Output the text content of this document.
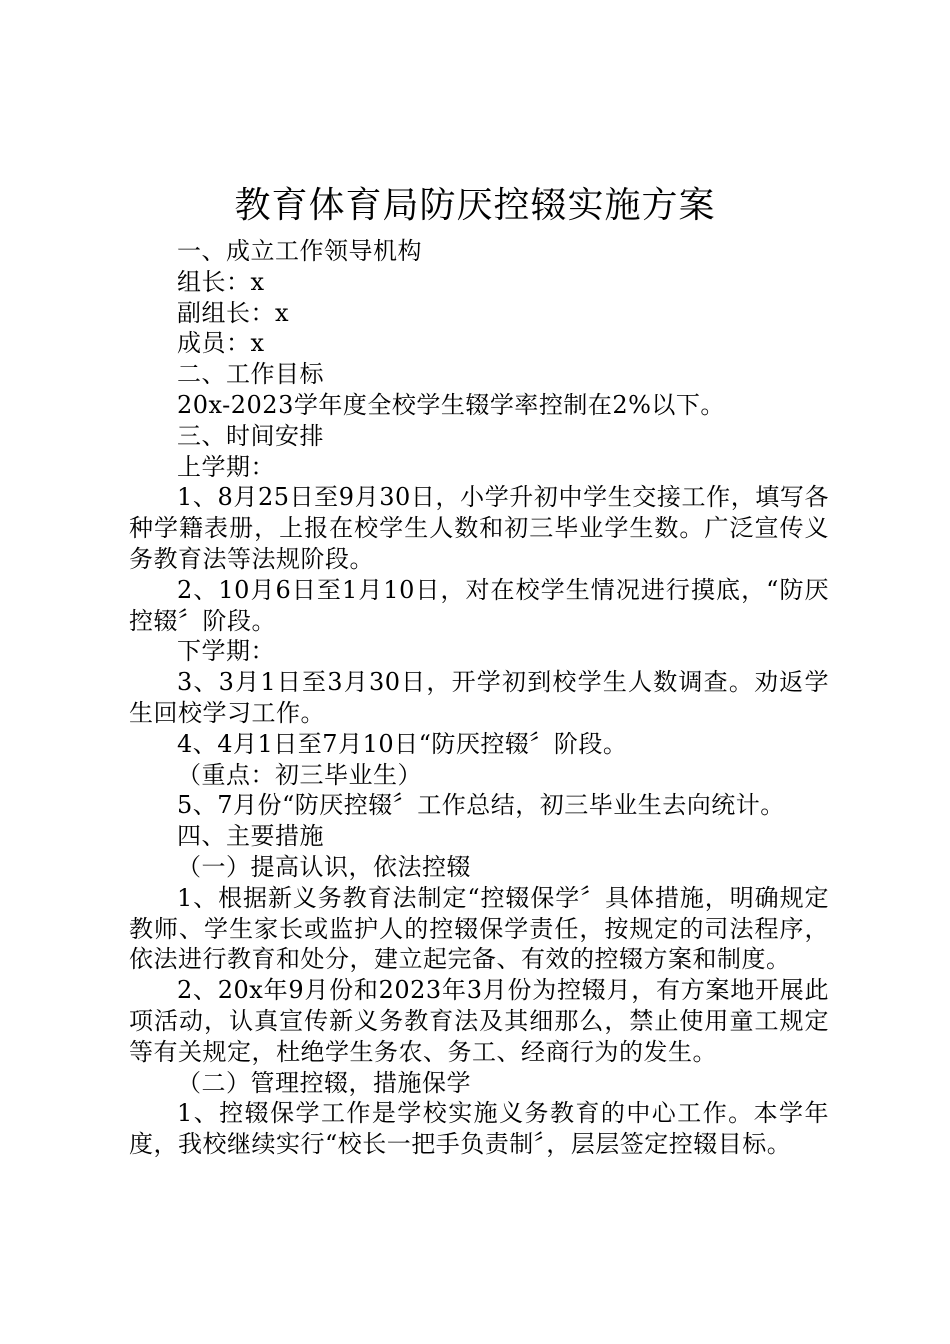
教育体育局防厌控辍实施方案

一、成立工作领导机构

组长：x

副组长：x

成员：x

二、工作目标

20x-2023学年度全校学生辍学率控制在2%以下。

三、时间安排

上学期：

1、8月25日至9月30日，小学升初中学生交接工作，填写各种学籍表册，上报在校学生人数和初三毕业学生数。广泛宣传义务教育法等法规阶段。

2、10月6日至1月10日，对在校学生情况进行摸底，“防厌控辍〞阶段。

下学期：

3、3月1日至3月30日，开学初到校学生人数调查。劝返学生回校学习工作。

4、4月1日至7月10日“防厌控辍〞阶段。

（重点：初三毕业生）

5、7月份“防厌控辍〞工作总结，初三毕业生去向统计。

四、主要措施

（一）提高认识，依法控辍

1、根据新义务教育法制定“控辍保学〞具体措施，明确规定教师、学生家长或监护人的控辍保学责任，按规定的司法程序，依法进行教育和处分，建立起完备、有效的控辍方案和制度。

2、20x年9月份和2023年3月份为控辍月，有方案地开展此项活动，认真宣传新义务教育法及其细那么，禁止使用童工规定等有关规定，杜绝学生务农、务工、经商行为的发生。

（二）管理控辍，措施保学

1、控辍保学工作是学校实施义务教育的中心工作。本学年度，我校继续实行“校长一把手负责制〞，层层签定控辍目标。
